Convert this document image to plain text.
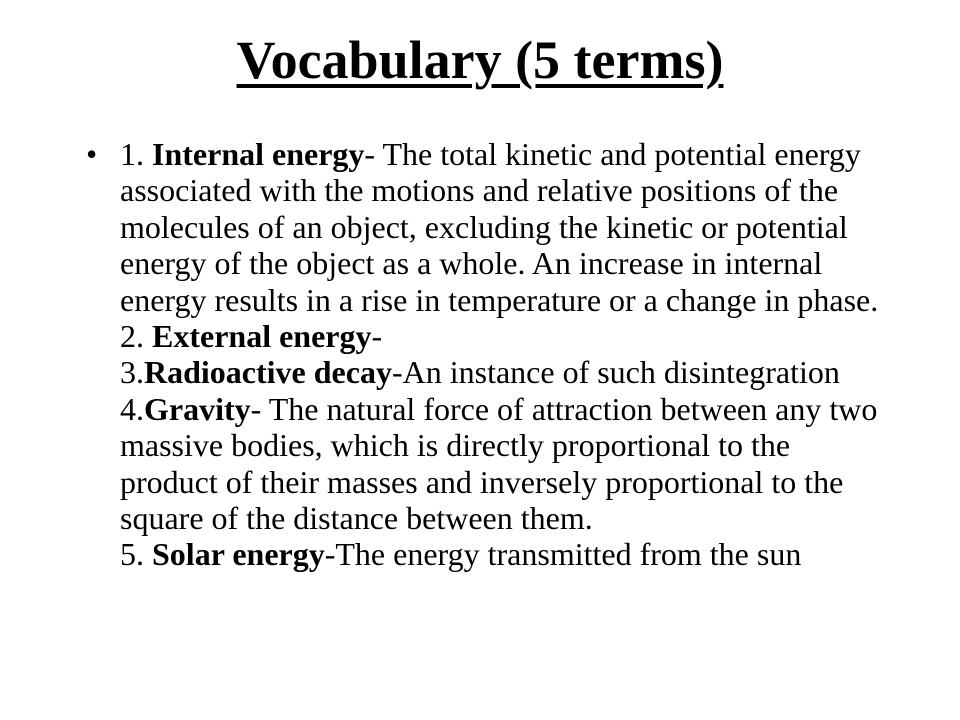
Vocabulary (5 terms)
• 1. Internal energy- The total kinetic and potential energy associated with the motions and relative positions of the molecules of an object, excluding the kinetic or potential energy of the object as a whole. An increase in internal energy results in a rise in temperature or a change in phase.
2. External energy-
3.Radioactive decay-An instance of such disintegration
4.Gravity- The natural force of attraction between any two massive bodies, which is directly proportional to the product of their masses and inversely proportional to the square of the distance between them.
5. Solar energy-The energy transmitted from the sun
